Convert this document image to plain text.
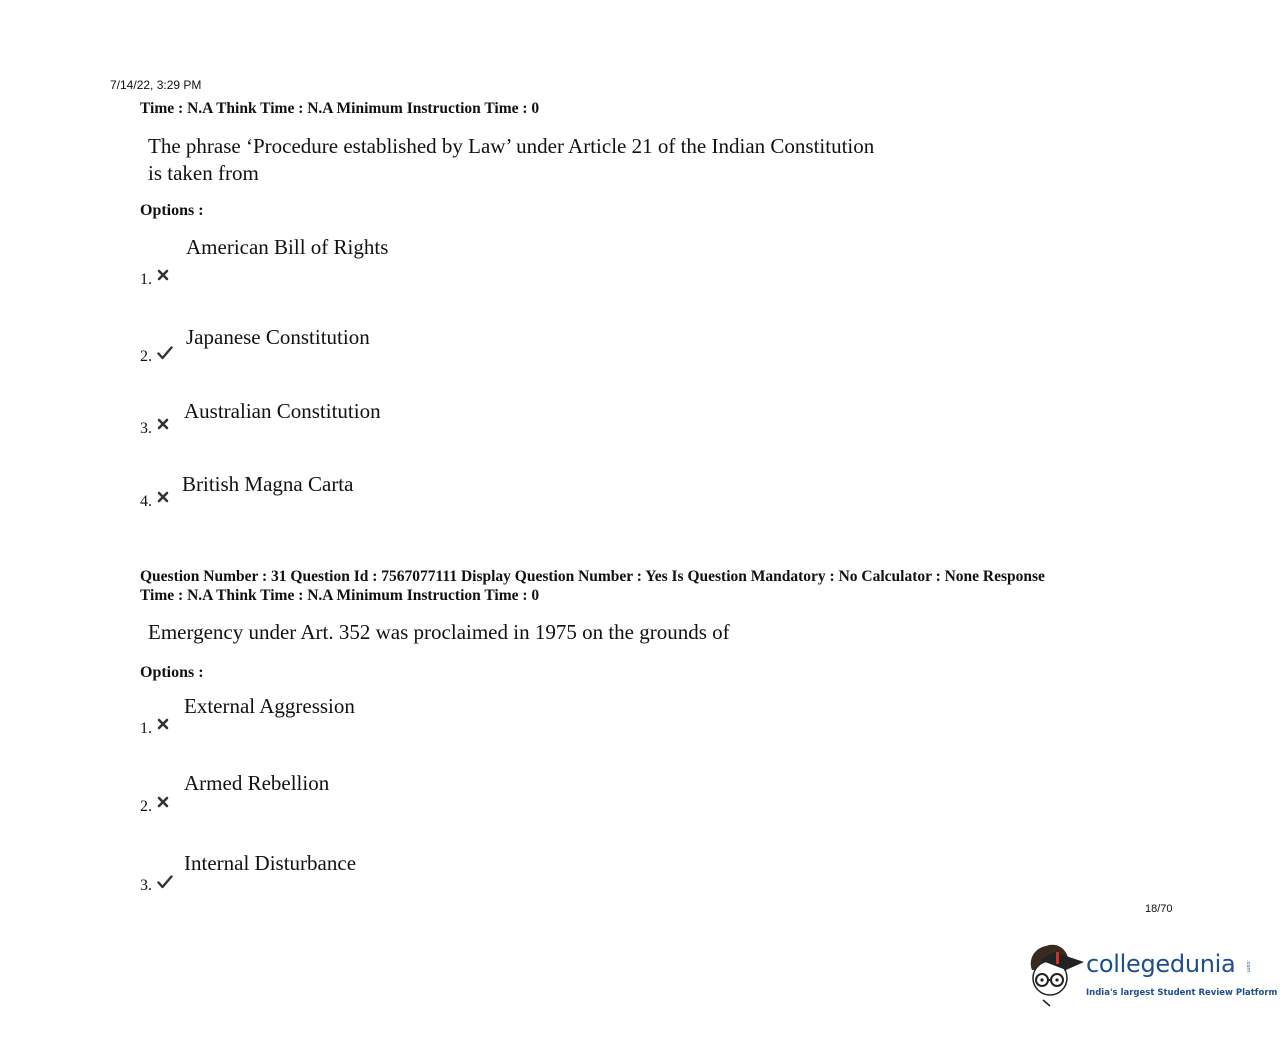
7/14/22, 3:29 PM
Time : N.A Think Time : N.A Minimum Instruction Time : 0
The phrase ‘Procedure established by Law’ under Article 21 of the Indian Constitution
is taken from
Options :
American Bill of Rights
1.
Japanese Constitution
2.
Australian Constitution
3.
British Magna Carta
4.
Question Number : 31 Question Id : 7567077111 Display Question Number : Yes Is Question Mandatory : No Calculator : None Response
Time : N.A Think Time : N.A Minimum Instruction Time : 0
Emergency under Art. 352 was proclaimed in 1975 on the grounds of
Options :
External Aggression
1.
Armed Rebellion
2.
Internal Disturbance
3.
18/70
collegedunia .com
India's largest Student Review Platform
